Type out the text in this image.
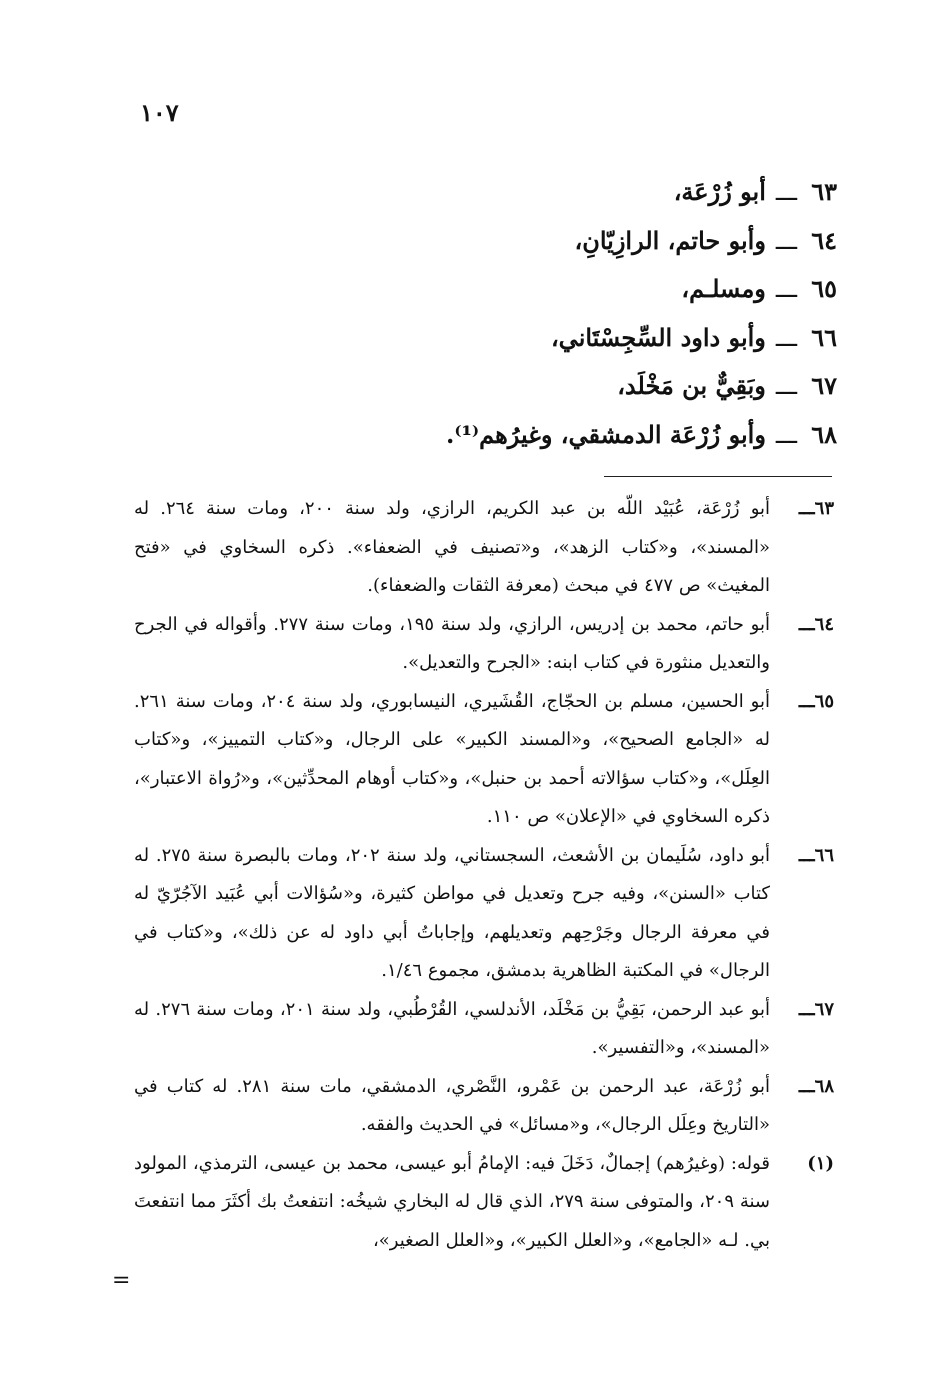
١٠٧
٦٣ـــأبو زُرْعَة،
٦٤ـــوأبو حاتم، الرازِيّانِ،
٦٥ـــومسلـم،
٦٦ـــوأبو داود السِّجِسْتَاني،
٦٧ـــوبَقِيٌّ بن مَخْلَد،
٦٨ـــوأبو زُرْعَة الدمشقي، وغيرُهم⁽¹⁾.
٦٣ـــ
أبو زُرْعَة، عُبَيْد اللّه بن عبد الكريم، الرازي، ولد سنة ٢٠٠، ومات سنة ٢٦٤. له «المسند»، و«كتاب الزهد»، و«تصنيف في الضعفاء». ذكره السخاوي في «فتح المغيث» ص ٤٧٧ في مبحث (معرفة الثقات والضعفاء).
٦٤ـــ
أبو حاتم، محمد بن إدريس، الرازي، ولد سنة ١٩٥، ومات سنة ٢٧٧. وأقواله في الجرح والتعديل منثورة في كتاب ابنه: «الجرح والتعديل».
٦٥ـــ
أبو الحسين، مسلم بن الحجّاج، القُشَيري، النيسابوري، ولد سنة ٢٠٤، ومات سنة ٢٦١. له «الجامع الصحيح»، و«المسند الكبير» على الرجال، و«كتاب التمييز»، و«كتاب العِلَل»، و«كتاب سؤالاته أحمد بن حنبل»، و«كتاب أوهام المحدِّثين»، و«رُواة الاعتبار»، ذكره السخاوي في «الإعلان» ص ١١٠.
٦٦ـــ
أبو داود، سُلَيمان بن الأشعث، السجستاني، ولد سنة ٢٠٢، ومات بالبصرة سنة ٢٧٥. له كتاب «السنن»، وفيه جرح وتعديل في مواطن كثيرة، و«سُؤالات أبي عُبَيد الآجُرّيّ له في معرفة الرجال وجَرْحِهم وتعديلهم، وإجاباتُ أبي داود له عن ذلك»، و«كتاب في الرجال» في المكتبة الظاهرية بدمشق، مجموع ١/٤٦.
٦٧ـــ
أبو عبد الرحمن، بَقِيُّ بن مَخْلَد، الأندلسي، القُرْطُبي، ولد سنة ٢٠١، ومات سنة ٢٧٦. له «المسند»، و«التفسير».
٦٨ـــ
أبو زُرْعَة، عبد الرحمن بن عَمْرو، النَّصْري، الدمشقي، مات سنة ٢٨١. له كتاب في «التاريخ وعِلَل الرجال»، و«مسائل» في الحديث والفقه.
(١)
قوله: (وغيرُهم) إجمالٌ، دَخَلَ فيه: الإمامُ أبو عيسى، محمد بن عيسى، الترمذي، المولود سنة ٢٠٩، والمتوفى سنة ٢٧٩، الذي قال له البخاري شيخُه: انتفعتُ بك أكثَرَ مما انتفعتَ بي. لـه «الجامع»، و«العلل الكبير»، و«العلل الصغير»،
=
